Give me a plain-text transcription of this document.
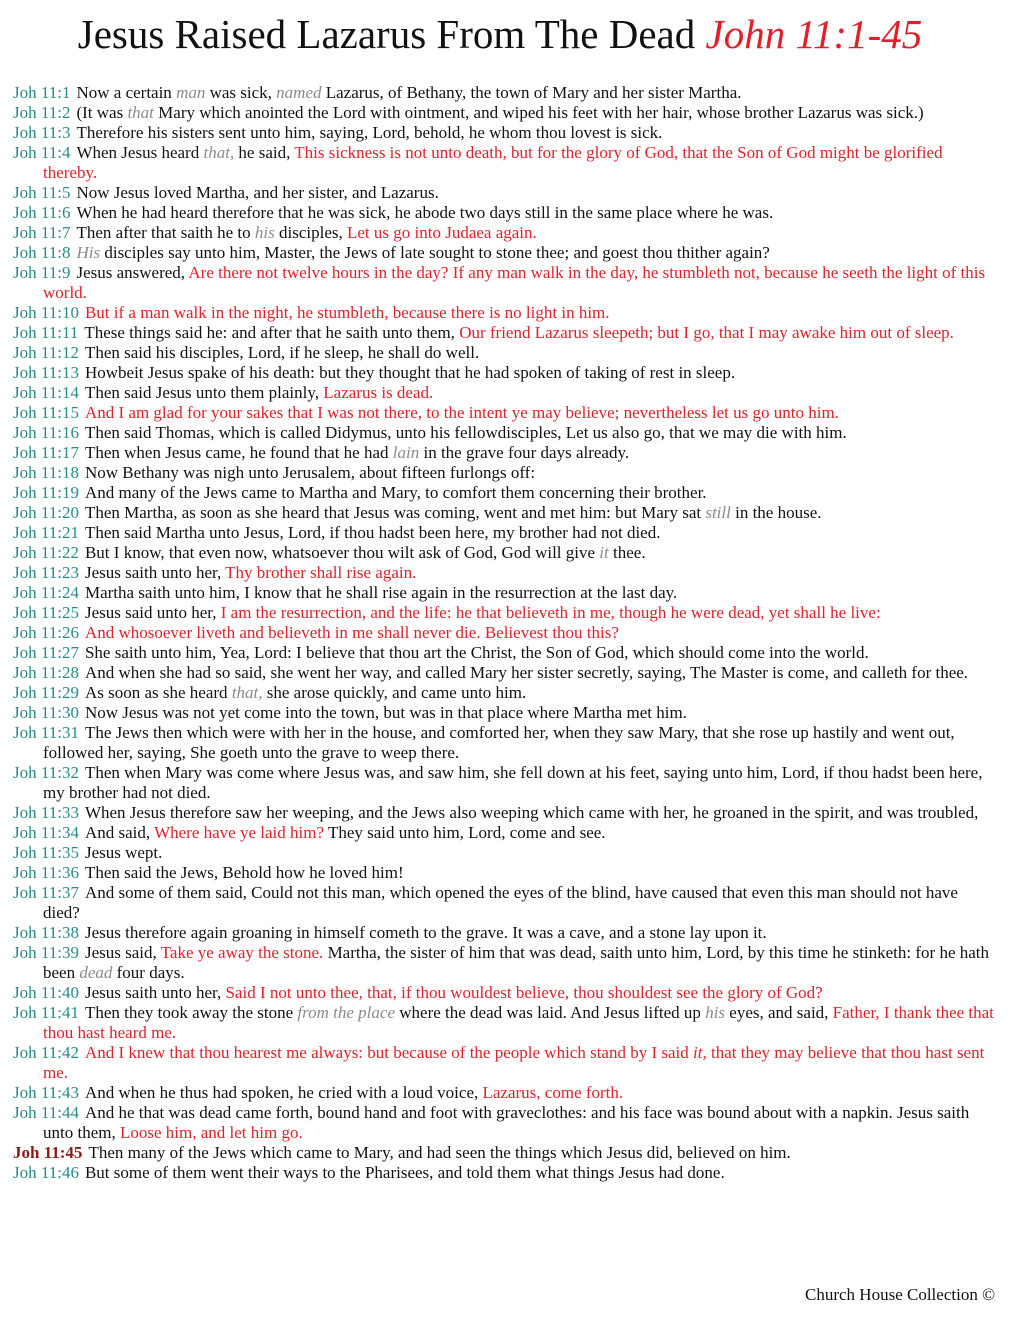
Jesus Raised Lazarus From The Dead John 11:1-45
Joh 11:1 Now a certain man was sick, named Lazarus, of Bethany, the town of Mary and her sister Martha.
Joh 11:2 (It was that Mary which anointed the Lord with ointment, and wiped his feet with her hair, whose brother Lazarus was sick.)
Joh 11:3 Therefore his sisters sent unto him, saying, Lord, behold, he whom thou lovest is sick.
Joh 11:4 When Jesus heard that, he said, This sickness is not unto death, but for the glory of God, that the Son of God might be glorified thereby.
Joh 11:5 Now Jesus loved Martha, and her sister, and Lazarus.
Joh 11:6 When he had heard therefore that he was sick, he abode two days still in the same place where he was.
Joh 11:7 Then after that saith he to his disciples, Let us go into Judaea again.
Joh 11:8 His disciples say unto him, Master, the Jews of late sought to stone thee; and goest thou thither again?
Joh 11:9 Jesus answered, Are there not twelve hours in the day? If any man walk in the day, he stumbleth not, because he seeth the light of this world.
Joh 11:10 But if a man walk in the night, he stumbleth, because there is no light in him.
Joh 11:11 These things said he: and after that he saith unto them, Our friend Lazarus sleepeth; but I go, that I may awake him out of sleep.
Joh 11:12 Then said his disciples, Lord, if he sleep, he shall do well.
Joh 11:13 Howbeit Jesus spake of his death: but they thought that he had spoken of taking of rest in sleep.
Joh 11:14 Then said Jesus unto them plainly, Lazarus is dead.
Joh 11:15 And I am glad for your sakes that I was not there, to the intent ye may believe; nevertheless let us go unto him.
Joh 11:16 Then said Thomas, which is called Didymus, unto his fellowdisciples, Let us also go, that we may die with him.
Joh 11:17 Then when Jesus came, he found that he had lain in the grave four days already.
Joh 11:18 Now Bethany was nigh unto Jerusalem, about fifteen furlongs off:
Joh 11:19 And many of the Jews came to Martha and Mary, to comfort them concerning their brother.
Joh 11:20 Then Martha, as soon as she heard that Jesus was coming, went and met him: but Mary sat still in the house.
Joh 11:21 Then said Martha unto Jesus, Lord, if thou hadst been here, my brother had not died.
Joh 11:22 But I know, that even now, whatsoever thou wilt ask of God, God will give it thee.
Joh 11:23 Jesus saith unto her, Thy brother shall rise again.
Joh 11:24 Martha saith unto him, I know that he shall rise again in the resurrection at the last day.
Joh 11:25 Jesus said unto her, I am the resurrection, and the life: he that believeth in me, though he were dead, yet shall he live:
Joh 11:26 And whosoever liveth and believeth in me shall never die. Believest thou this?
Joh 11:27 She saith unto him, Yea, Lord: I believe that thou art the Christ, the Son of God, which should come into the world.
Joh 11:28 And when she had so said, she went her way, and called Mary her sister secretly, saying, The Master is come, and calleth for thee.
Joh 11:29 As soon as she heard that, she arose quickly, and came unto him.
Joh 11:30 Now Jesus was not yet come into the town, but was in that place where Martha met him.
Joh 11:31 The Jews then which were with her in the house, and comforted her, when they saw Mary, that she rose up hastily and went out, followed her, saying, She goeth unto the grave to weep there.
Joh 11:32 Then when Mary was come where Jesus was, and saw him, she fell down at his feet, saying unto him, Lord, if thou hadst been here, my brother had not died.
Joh 11:33 When Jesus therefore saw her weeping, and the Jews also weeping which came with her, he groaned in the spirit, and was troubled,
Joh 11:34 And said, Where have ye laid him? They said unto him, Lord, come and see.
Joh 11:35 Jesus wept.
Joh 11:36 Then said the Jews, Behold how he loved him!
Joh 11:37 And some of them said, Could not this man, which opened the eyes of the blind, have caused that even this man should not have died?
Joh 11:38 Jesus therefore again groaning in himself cometh to the grave. It was a cave, and a stone lay upon it.
Joh 11:39 Jesus said, Take ye away the stone. Martha, the sister of him that was dead, saith unto him, Lord, by this time he stinketh: for he hath been dead four days.
Joh 11:40 Jesus saith unto her, Said I not unto thee, that, if thou wouldest believe, thou shouldest see the glory of God?
Joh 11:41 Then they took away the stone from the place where the dead was laid. And Jesus lifted up his eyes, and said, Father, I thank thee that thou hast heard me.
Joh 11:42 And I knew that thou hearest me always: but because of the people which stand by I said it, that they may believe that thou hast sent me.
Joh 11:43 And when he thus had spoken, he cried with a loud voice, Lazarus, come forth.
Joh 11:44 And he that was dead came forth, bound hand and foot with graveclothes: and his face was bound about with a napkin. Jesus saith unto them, Loose him, and let him go.
Joh 11:45 Then many of the Jews which came to Mary, and had seen the things which Jesus did, believed on him.
Joh 11:46 But some of them went their ways to the Pharisees, and told them what things Jesus had done.
Church House Collection ©
